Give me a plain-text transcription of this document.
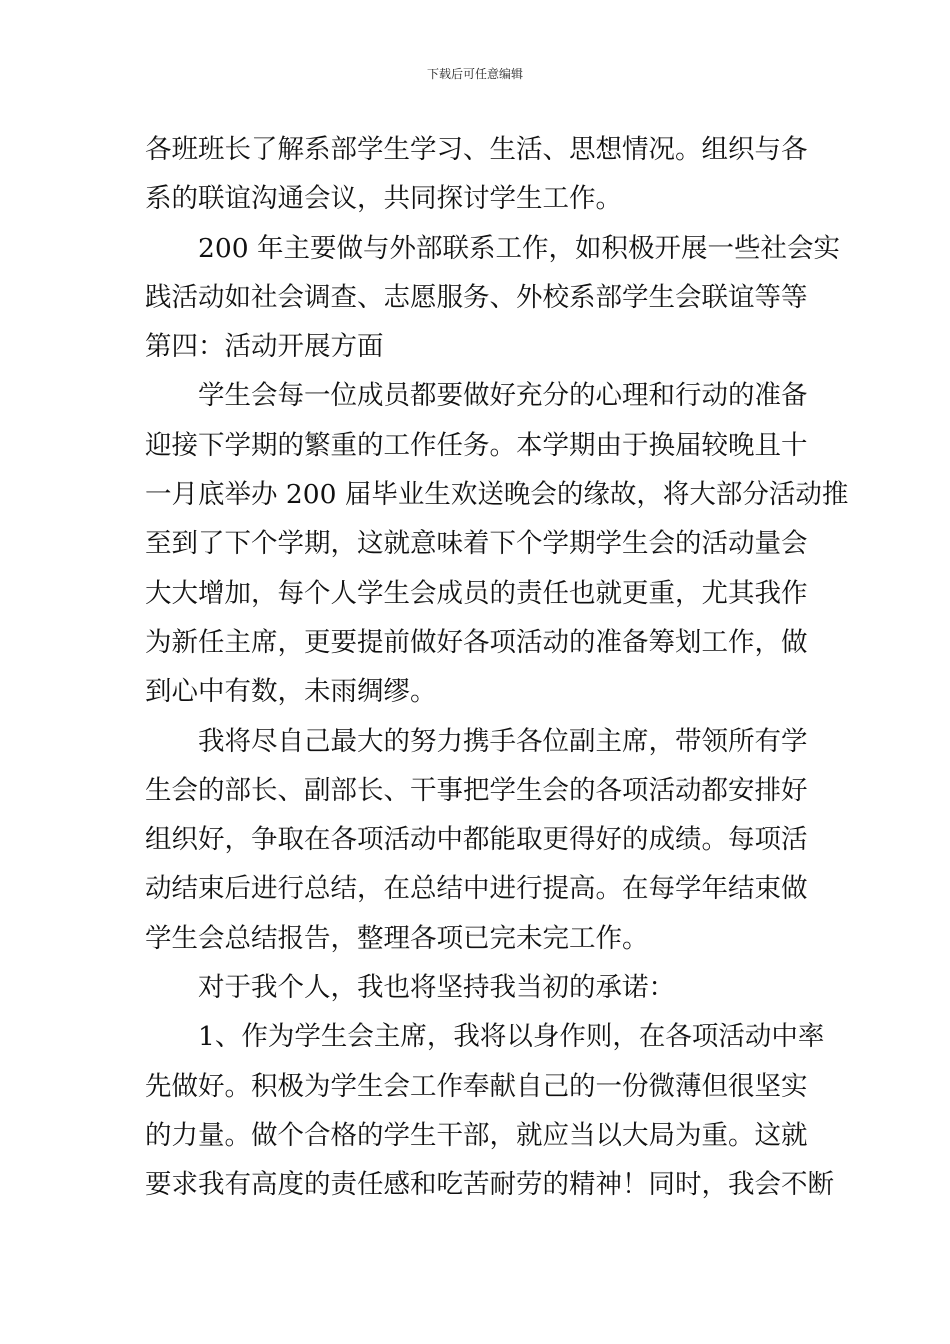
下载后可任意编辑
各班班长了解系部学生学习、生活、思想情况。组织与各
系的联谊沟通会议，共同探讨学生工作。
200 年主要做与外部联系工作，如积极开展一些社会实
践活动如社会调查、志愿服务、外校系部学生会联谊等等
第四：活动开展方面
学生会每一位成员都要做好充分的心理和行动的准备
迎接下学期的繁重的工作任务。本学期由于换届较晚且十
一月底举办 200 届毕业生欢送晚会的缘故，将大部分活动推
至到了下个学期，这就意味着下个学期学生会的活动量会
大大增加，每个人学生会成员的责任也就更重，尤其我作
为新任主席，更要提前做好各项活动的准备筹划工作，做
到心中有数，未雨绸缪。
我将尽自己最大的努力携手各位副主席，带领所有学
生会的部长、副部长、干事把学生会的各项活动都安排好
组织好，争取在各项活动中都能取更得好的成绩。每项活
动结束后进行总结，在总结中进行提高。在每学年结束做
学生会总结报告，整理各项已完未完工作。
对于我个人，我也将坚持我当初的承诺：
1、作为学生会主席，我将以身作则，在各项活动中率
先做好。积极为学生会工作奉献自己的一份微薄但很坚实
的力量。做个合格的学生干部，就应当以大局为重。这就
要求我有高度的责任感和吃苦耐劳的精神！同时，我会不断
